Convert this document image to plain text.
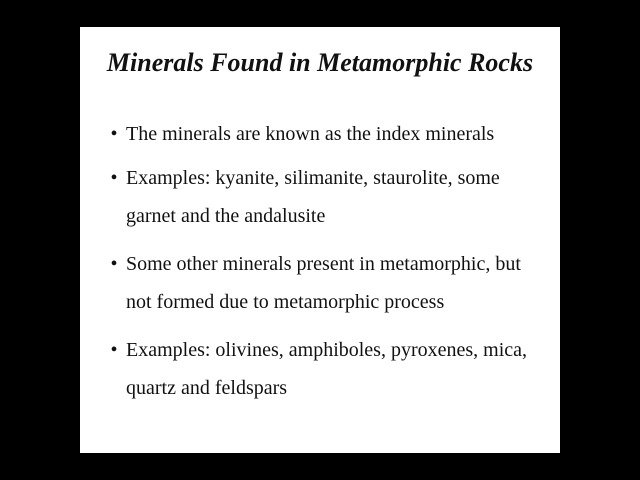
Minerals Found in Metamorphic Rocks
• The minerals are known as the index minerals
• Examples: kyanite, silimanite, staurolite, some
garnet and the andalusite
• Some other minerals present in metamorphic, but
not formed due to metamorphic process
• Examples: olivines, amphiboles, pyroxenes, mica,
quartz and feldspars
